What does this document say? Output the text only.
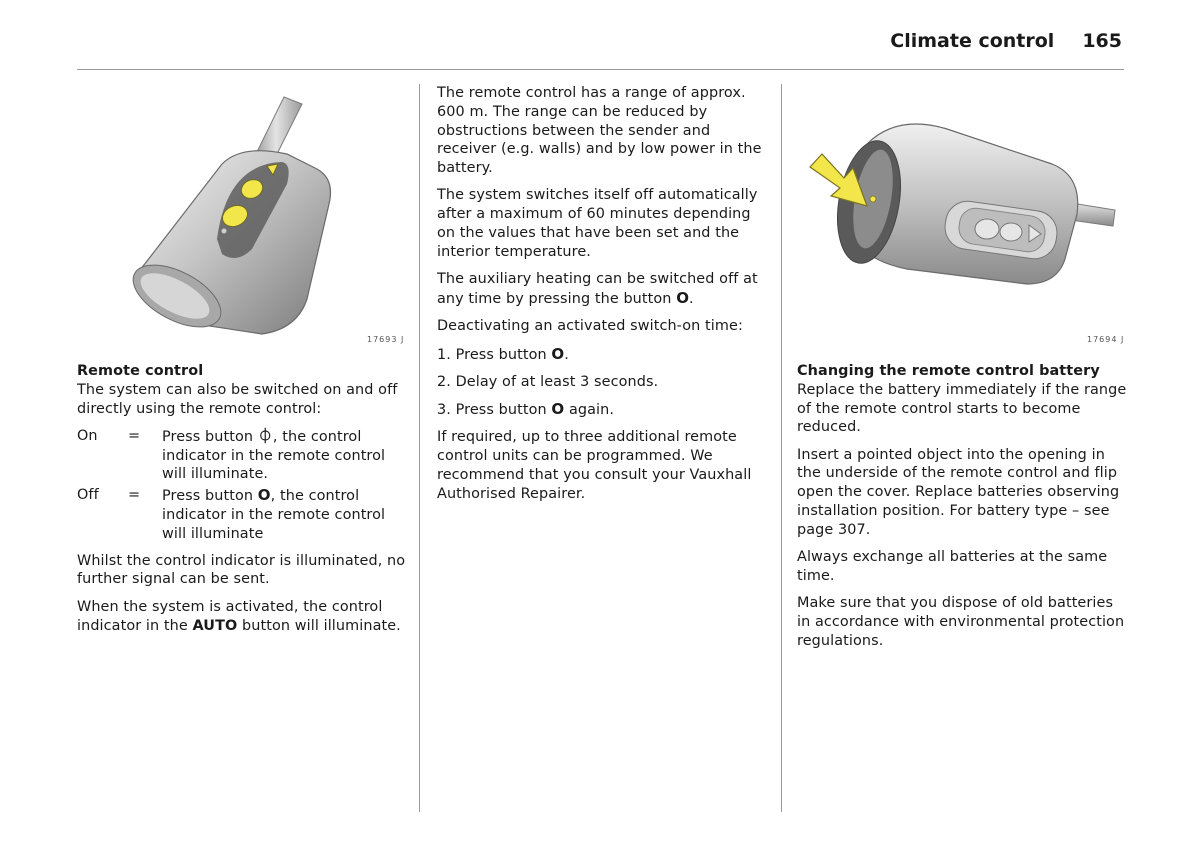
Climate control 165
17693 J
Remote control

The system can also be switched on and off directly using the remote control:

On	=	Press button ⏀, the control indicator in the remote control will illuminate.
Off	=	Press button O, the control indicator in the remote control will illuminate

Whilst the control indicator is illuminated, no further signal can be sent.

When the system is activated, the control indicator in the AUTO button will illuminate.

The remote control has a range of approx. 600 m. The range can be reduced by obstructions between the sender and receiver (e.g. walls) and by low power in the battery.

The system switches itself off automatically after a maximum of 60 minutes depending on the values that have been set and the interior temperature.

The auxiliary heating can be switched off at any time by pressing the button O.

Deactivating an activated switch-on time:

1. Press button O.

2. Delay of at least 3 seconds.

3. Press button O again.

If required, up to three additional remote control units can be programmed. We recommend that you consult your Vauxhall Authorised Repairer.

17694 J
Changing the remote control battery

Replace the battery immediately if the range of the remote control starts to become reduced.

Insert a pointed object into the opening in the underside of the remote control and flip open the cover. Replace batteries observing installation position. For battery type – see page 307.

Always exchange all batteries at the same time.

Make sure that you dispose of old batteries in accordance with environmental protection regulations.
